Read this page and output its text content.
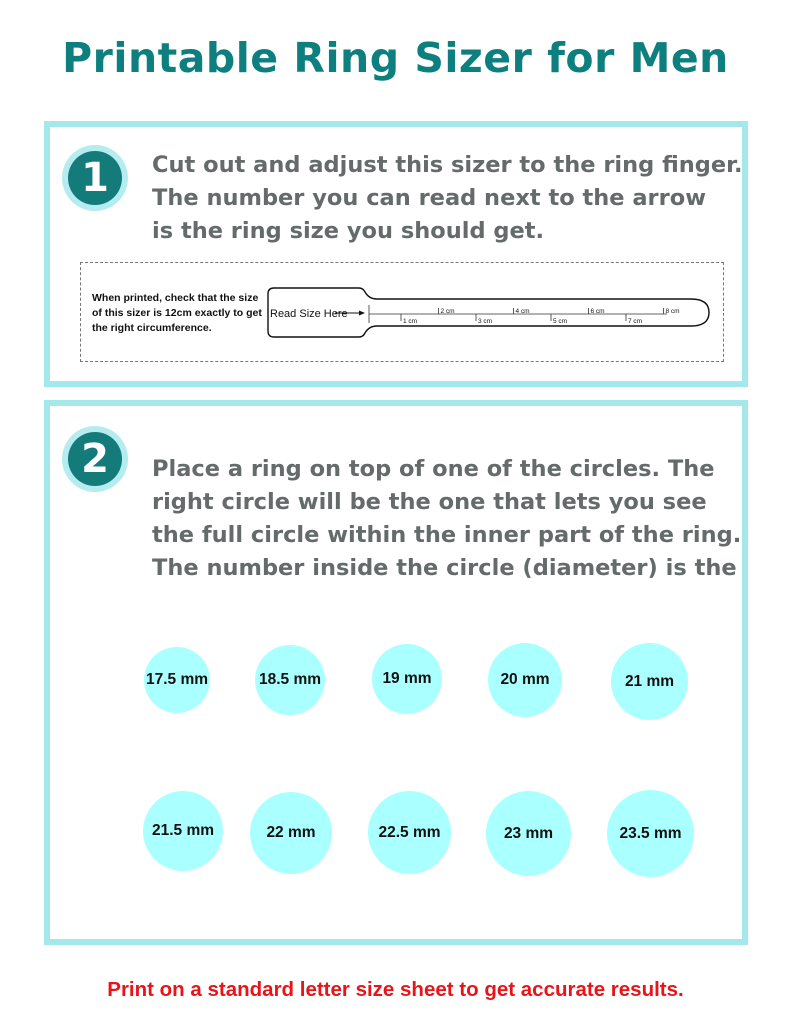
Printable Ring Sizer for Men
1	Cut out and adjust this sizer to the ring finger.
The number you can read next to the arrow
is the ring size you should get.
When printed, check that the size of this sizer is 12cm exactly to get the right circumference.
Read Size Here
1 cm
2 cm
3 cm
4 cm
5 cm
6 cm
7 cm
8 cm
2	Place a ring on top of one of the circles. The
right circle will be the one that lets you see
the full circle within the inner part of the ring.
The number inside the circle (diameter) is the
17.5 mm	18.5 mm	19 mm	20 mm	21 mm
21.5 mm	22 mm	22.5 mm	23 mm	23.5 mm
Print on a standard letter size sheet to get accurate results.
